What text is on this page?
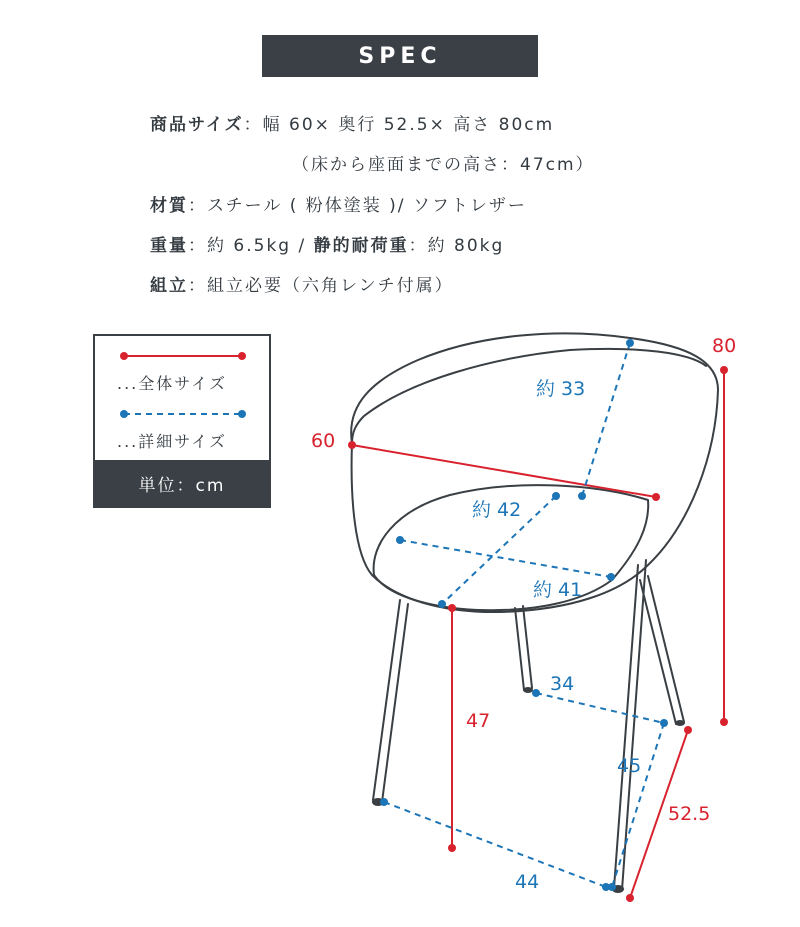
SPEC
商品サイズ：幅 60× 奥行 52.5× 高さ 80cm
（床から座面までの高さ：47cm）
材質：スチール ( 粉体塗装 )/ ソフトレザー
重量：約 6.5kg / 静的耐荷重：約 80kg
組立：組立必要（六角レンチ付属）
...全体サイズ
...詳細サイズ
単位：cm
80
60
約 33
約 42
約 41
47
34
45
52.5
44
